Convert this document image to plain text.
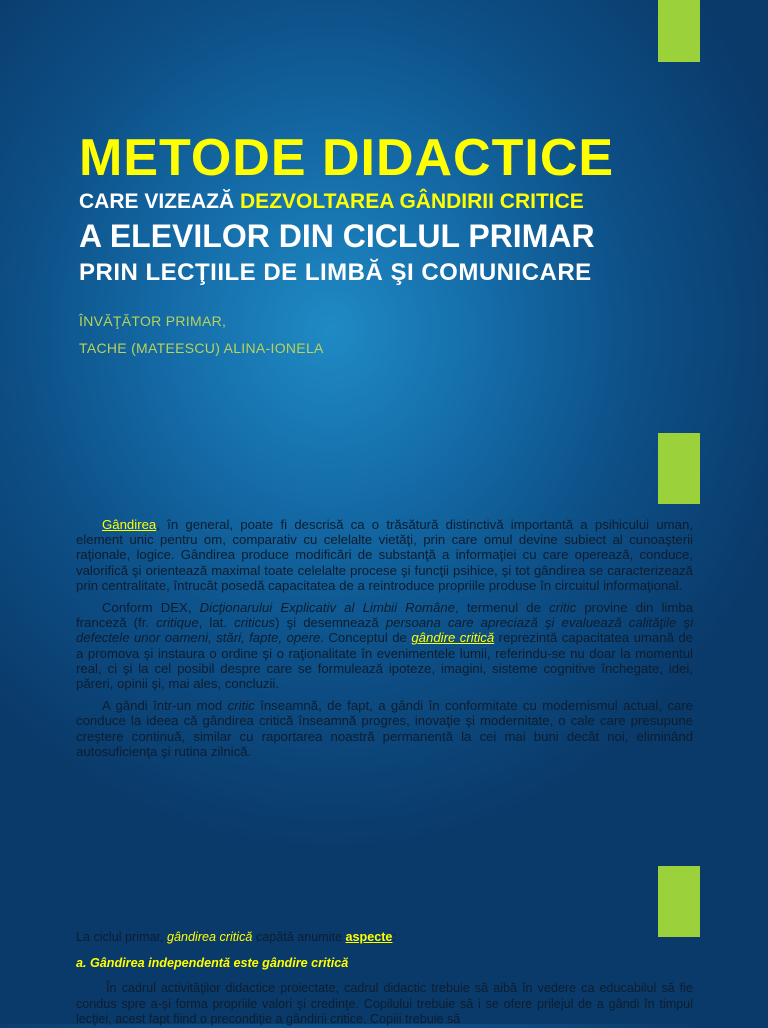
METODE DIDACTICE
CARE VIZEAZĂ DEZVOLTAREA GÂNDIRII CRITICE
A ELEVILOR DIN CICLUL PRIMAR
PRIN LECŢIILE DE LIMBĂ ŞI COMUNICARE
ÎNVĂŢĂTOR PRIMAR,
TACHE (MATEESCU) ALINA-IONELA

Gândirea, în general, poate fi descrisă ca o trăsătură distinctivă importantă a psihicului uman, element unic pentru om, comparativ cu celelalte vietăţi, prin care omul devine subiect al cunoaşterii raţionale, logice. Gândirea produce modificări de substanţă a informaţiei cu care operează, conduce, valorifică şi orientează maximal toate celelalte procese şi funcţii psihice, şi tot gândirea se caracterizează prin centralitate, întrucât posedă capacitatea de a reintroduce propriile produse în circuitul informaţional.

Conform DEX, Dicţionarului Explicativ al Limbii Române, termenul de critic provine din limba franceză (fr. critique, lat. criticus) şi desemnează persoana care apreciază şi evaluează calităţile şi defectele unor oameni, stări, fapte, opere. Conceptul de gândire critică reprezintă capacitatea umană de a promova şi instaura o ordine şi o raţionalitate în evenimentele lumii, referindu-se nu doar la momentul real, ci şi la cel posibil despre care se formulează ipoteze, imagini, sisteme cognitive închegate, idei, păreri, opinii şi, mai ales, concluzii.

A gândi într-un mod critic înseamnă, de fapt, a gândi în conformitate cu modernismul actual, care conduce la ideea că gândirea critică înseamnă progres, inovaţie şi modernitate, o cale care presupune creştere continuă, similar cu raportarea noastră permanentă la cei mai buni decât noi, eliminând autosuficienţa şi rutina zilnică.

La ciclul primar, gândirea critică capătă anumite aspecte:
a. Gândirea independentă este gândire critică

În cadrul activităţilor didactice proiectate, cadrul didactic trebuie să aibă în vedere ca educabilul să fie condus spre a-şi forma propriile valori şi credinţe. Copilului trebuie să i se ofere prilejul de a gândi în timpul lecţiei, acest fapt fiind o precondiţie a gândirii critice. Copiii trebuie să
